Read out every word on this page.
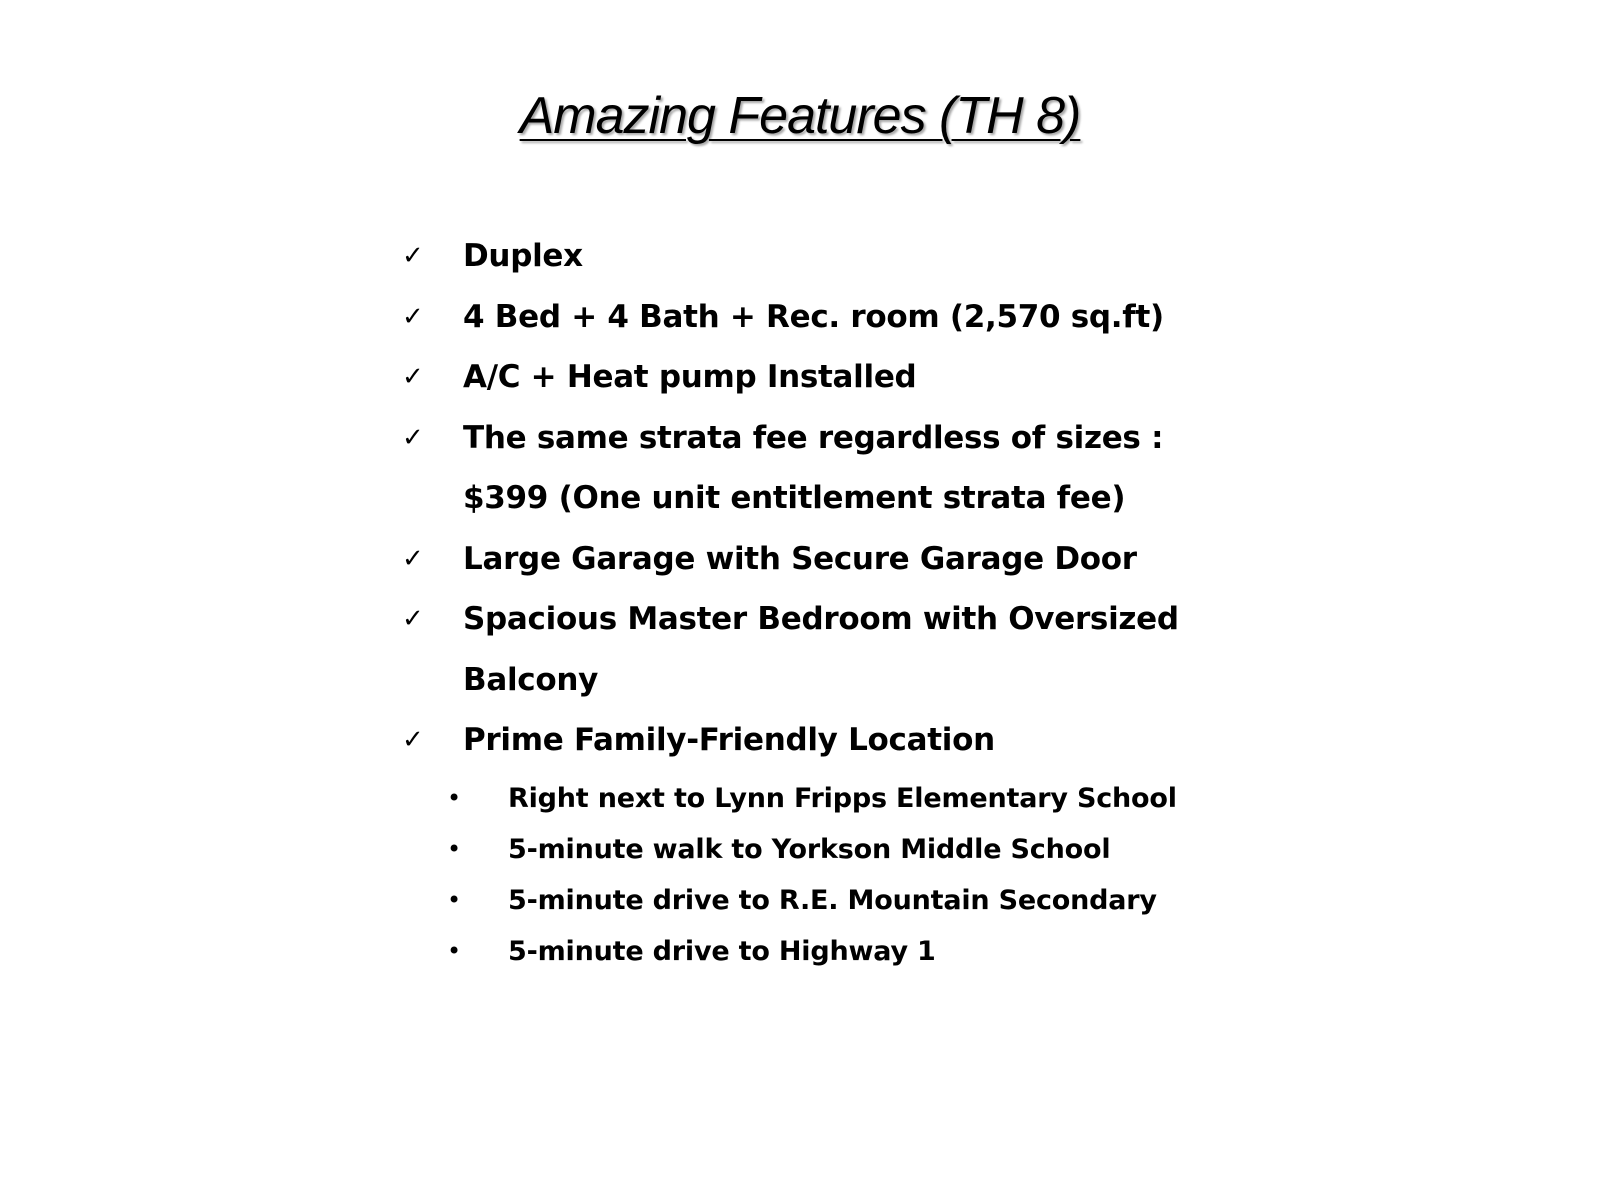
Amazing Features (TH 8)
✓ Duplex
✓ 4 Bed + 4 Bath + Rec. room (2,570 sq.ft)
✓ A/C + Heat pump Installed
✓ The same strata fee regardless of sizes : $399 (One unit entitlement strata fee)
✓ Large Garage with Secure Garage Door
✓ Spacious Master Bedroom with Oversized Balcony
✓ Prime Family-Friendly Location
• Right next to Lynn Fripps Elementary School
• 5-minute walk to Yorkson Middle School
• 5-minute drive to R.E. Mountain Secondary
• 5-minute drive to Highway 1
